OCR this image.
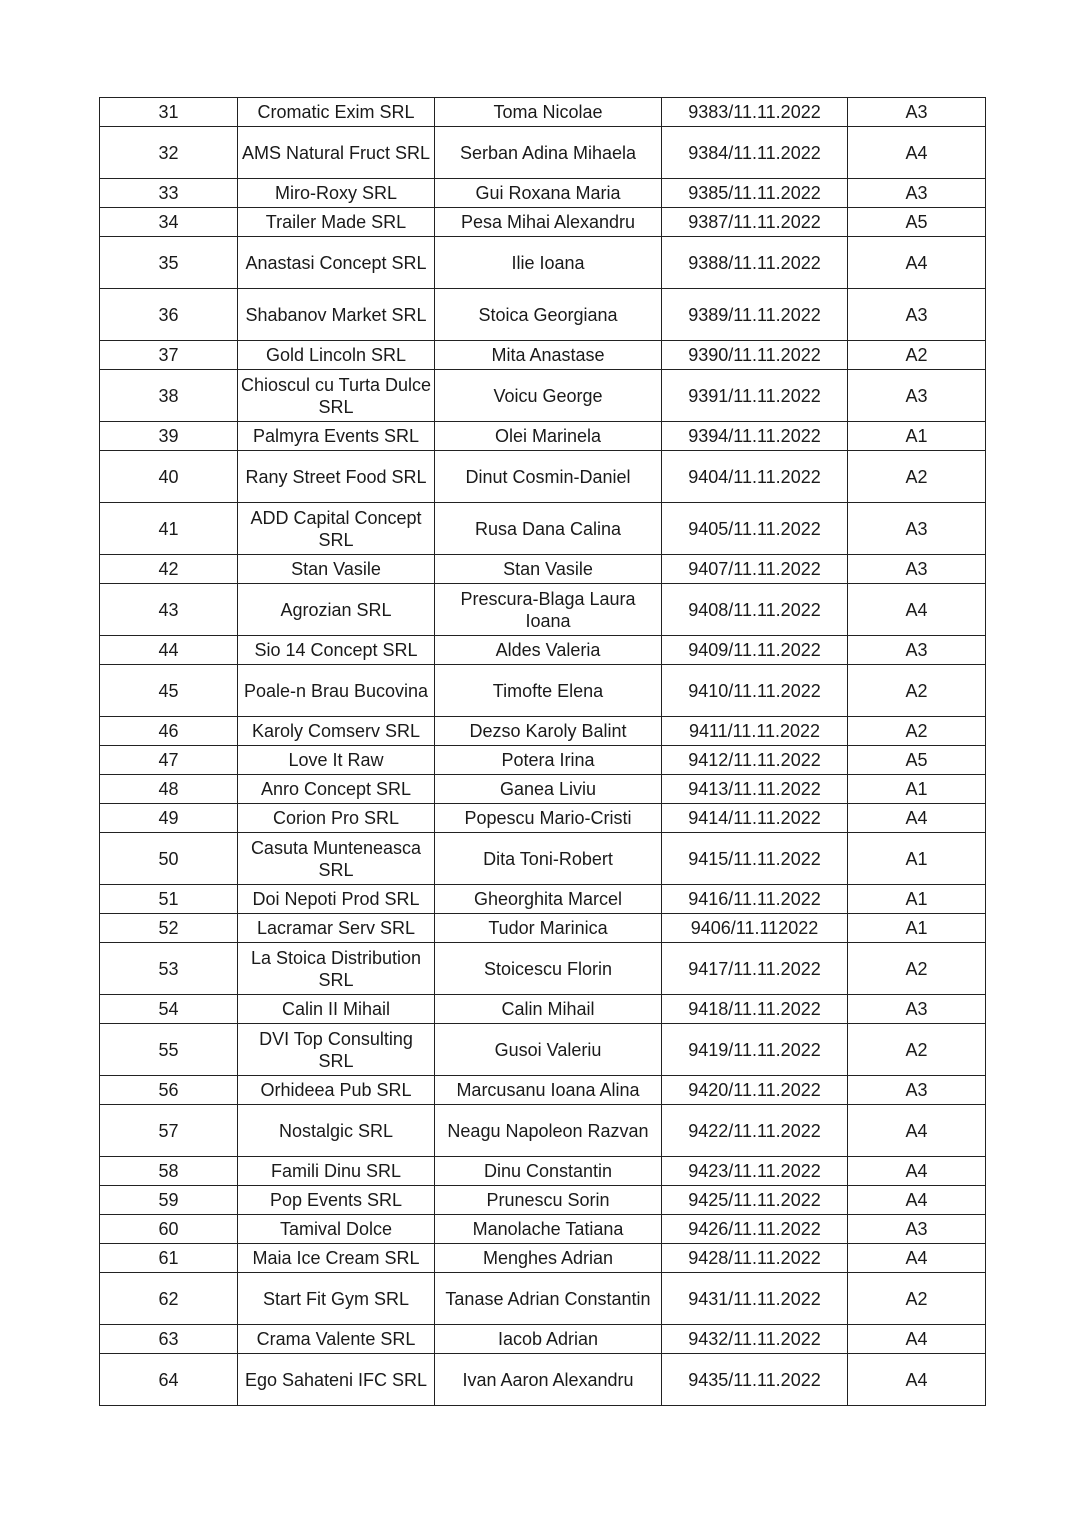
31	Cromatic Exim SRL	Toma Nicolae	9383/11.11.2022	A3
32	AMS Natural Fruct SRL	Serban Adina Mihaela	9384/11.11.2022	A4
33	Miro-Roxy SRL	Gui Roxana Maria	9385/11.11.2022	A3
34	Trailer Made SRL	Pesa Mihai Alexandru	9387/11.11.2022	A5
35	Anastasi Concept SRL	Ilie Ioana	9388/11.11.2022	A4
36	Shabanov Market SRL	Stoica Georgiana	9389/11.11.2022	A3
37	Gold Lincoln SRL	Mita Anastase	9390/11.11.2022	A2
38	Chioscul cu Turta Dulce SRL	Voicu George	9391/11.11.2022	A3
39	Palmyra Events SRL	Olei Marinela	9394/11.11.2022	A1
40	Rany Street Food SRL	Dinut Cosmin-Daniel	9404/11.11.2022	A2
41	ADD Capital Concept SRL	Rusa Dana Calina	9405/11.11.2022	A3
42	Stan Vasile	Stan Vasile	9407/11.11.2022	A3
43	Agrozian SRL	Prescura-Blaga Laura Ioana	9408/11.11.2022	A4
44	Sio 14 Concept SRL	Aldes Valeria	9409/11.11.2022	A3
45	Poale-n Brau Bucovina	Timofte Elena	9410/11.11.2022	A2
46	Karoly Comserv SRL	Dezso Karoly Balint	9411/11.11.2022	A2
47	Love It Raw	Potera Irina	9412/11.11.2022	A5
48	Anro Concept SRL	Ganea Liviu	9413/11.11.2022	A1
49	Corion Pro SRL	Popescu Mario-Cristi	9414/11.11.2022	A4
50	Casuta Munteneasca SRL	Dita Toni-Robert	9415/11.11.2022	A1
51	Doi Nepoti Prod SRL	Gheorghita Marcel	9416/11.11.2022	A1
52	Lacramar Serv SRL	Tudor Marinica	9406/11.112022	A1
53	La Stoica Distribution SRL	Stoicescu Florin	9417/11.11.2022	A2
54	Calin II Mihail	Calin Mihail	9418/11.11.2022	A3
55	DVI Top Consulting SRL	Gusoi Valeriu	9419/11.11.2022	A2
56	Orhideea Pub SRL	Marcusanu Ioana Alina	9420/11.11.2022	A3
57	Nostalgic SRL	Neagu Napoleon Razvan	9422/11.11.2022	A4
58	Famili Dinu SRL	Dinu Constantin	9423/11.11.2022	A4
59	Pop Events SRL	Prunescu Sorin	9425/11.11.2022	A4
60	Tamival Dolce	Manolache Tatiana	9426/11.11.2022	A3
61	Maia Ice Cream SRL	Menghes Adrian	9428/11.11.2022	A4
62	Start Fit Gym SRL	Tanase Adrian Constantin	9431/11.11.2022	A2
63	Crama Valente SRL	Iacob Adrian	9432/11.11.2022	A4
64	Ego Sahateni IFC SRL	Ivan Aaron Alexandru	9435/11.11.2022	A4
